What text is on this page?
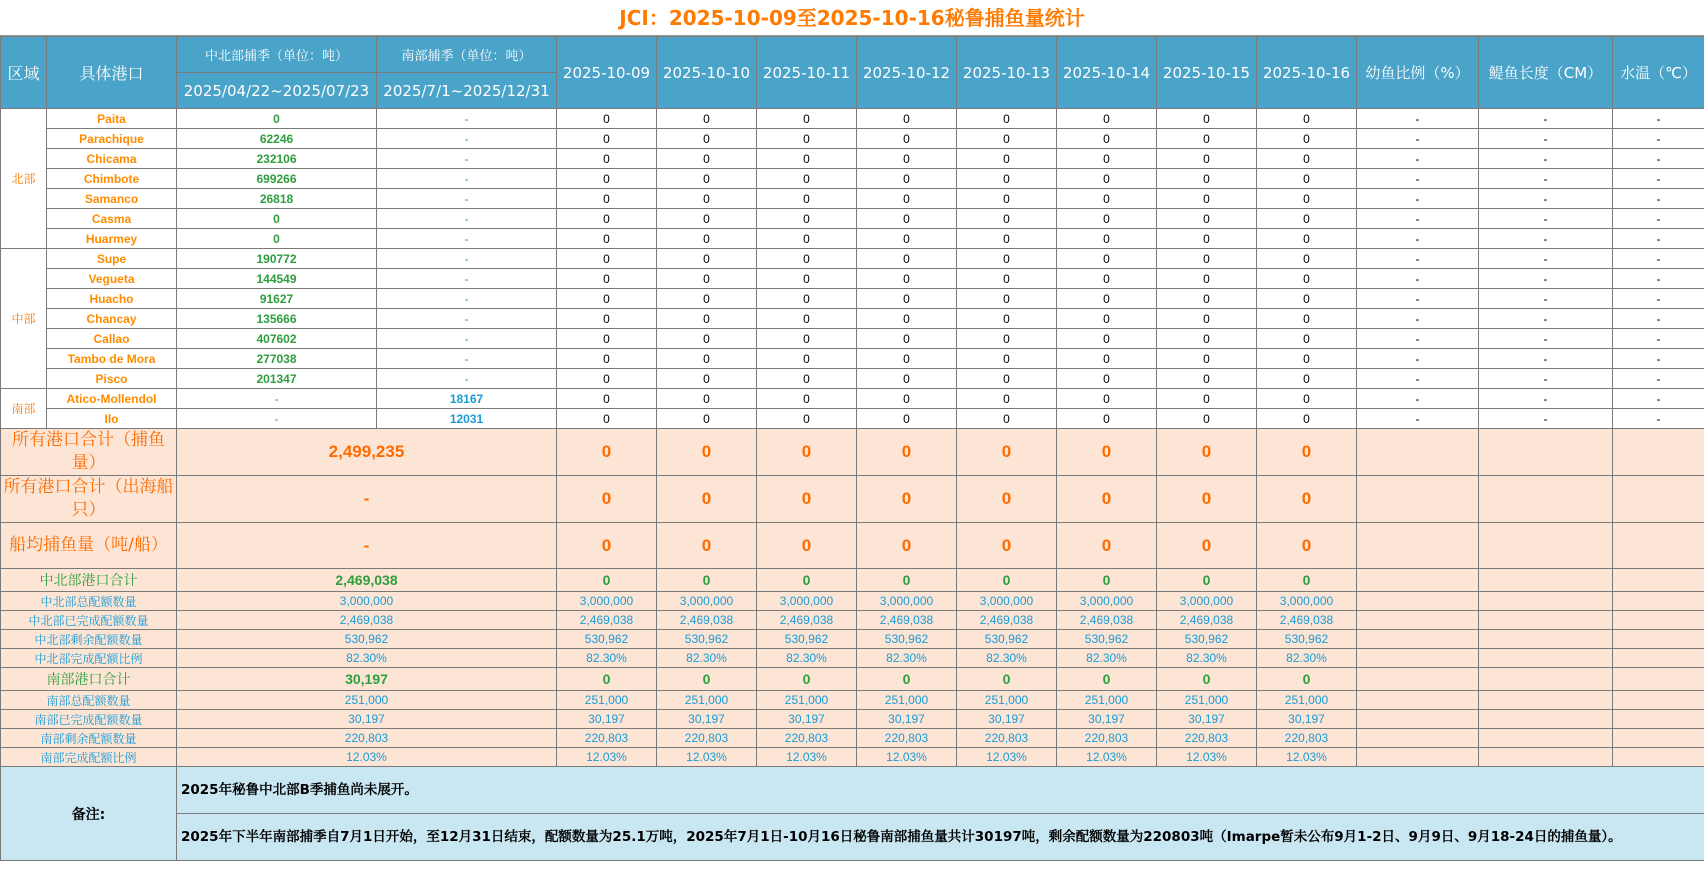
JCI：2025-10-09至2025-10-16秘鲁捕鱼量统计
区域	具体港口	中北部捕季（单位：吨）	南部捕季（单位：吨）	2025-10-09	2025-10-10	2025-10-11	2025-10-12	2025-10-13	2025-10-14	2025-10-15	2025-10-16	幼鱼比例（%）	鳀鱼长度（CM）	水温（℃）
		2025/04/22~2025/07/23	2025/7/1~2025/12/31											
北部	Paita	0	-	0	0	0	0	0	0	0	0	-	-	-
	Parachique	62246	-	0	0	0	0	0	0	0	0	-	-	-
	Chicama	232106	-	0	0	0	0	0	0	0	0	-	-	-
	Chimbote	699266	-	0	0	0	0	0	0	0	0	-	-	-
	Samanco	26818	-	0	0	0	0	0	0	0	0	-	-	-
	Casma	0	-	0	0	0	0	0	0	0	0	-	-	-
	Huarmey	0	-	0	0	0	0	0	0	0	0	-	-	-
中部	Supe	190772	-	0	0	0	0	0	0	0	0	-	-	-
	Vegueta	144549	-	0	0	0	0	0	0	0	0	-	-	-
	Huacho	91627	-	0	0	0	0	0	0	0	0	-	-	-
	Chancay	135666	-	0	0	0	0	0	0	0	0	-	-	-
	Callao	407602	-	0	0	0	0	0	0	0	0	-	-	-
	Tambo de Mora	277038	-	0	0	0	0	0	0	0	0	-	-	-
	Pisco	201347	-	0	0	0	0	0	0	0	0	-	-	-
南部	Atico-Mollendol	-	18167	0	0	0	0	0	0	0	0	-	-	-
	Ilo	-	12031	0	0	0	0	0	0	0	0	-	-	-
所有港口合计（捕鱼量）		2,499,235		0	0	0	0	0	0	0	0			
所有港口合计（出海船只）		-		0	0	0	0	0	0	0	0			
船均捕鱼量（吨/船）		-		0	0	0	0	0	0	0	0			
中北部港口合计		2,469,038		0	0	0	0	0	0	0	0			
中北部总配额数量		3,000,000		3,000,000	3,000,000	3,000,000	3,000,000	3,000,000	3,000,000	3,000,000	3,000,000			
中北部已完成配额数量		2,469,038		2,469,038	2,469,038	2,469,038	2,469,038	2,469,038	2,469,038	2,469,038	2,469,038			
中北部剩余配额数量		530,962		530,962	530,962	530,962	530,962	530,962	530,962	530,962	530,962			
中北部完成配额比例		82.30%		82.30%	82.30%	82.30%	82.30%	82.30%	82.30%	82.30%	82.30%			
南部港口合计		30,197		0	0	0	0	0	0	0	0			
南部总配额数量		251,000		251,000	251,000	251,000	251,000	251,000	251,000	251,000	251,000			
南部已完成配额数量		30,197		30,197	30,197	30,197	30,197	30,197	30,197	30,197	30,197			
南部剩余配额数量		220,803		220,803	220,803	220,803	220,803	220,803	220,803	220,803	220,803			
南部完成配额比例		12.03%		12.03%	12.03%	12.03%	12.03%	12.03%	12.03%	12.03%	12.03%			
备注:		2025年秘鲁中北部B季捕鱼尚未展开。												
		2025年下半年南部捕季自7月1日开始，至12月31日结束，配额数量为25.1万吨，2025年7月1日-10月16日秘鲁南部捕鱼量共计30197吨，剩余配额数量为220803吨（Imarpe暂未公布9月1-2日、9月9日、9月18-24日的捕鱼量）。												
